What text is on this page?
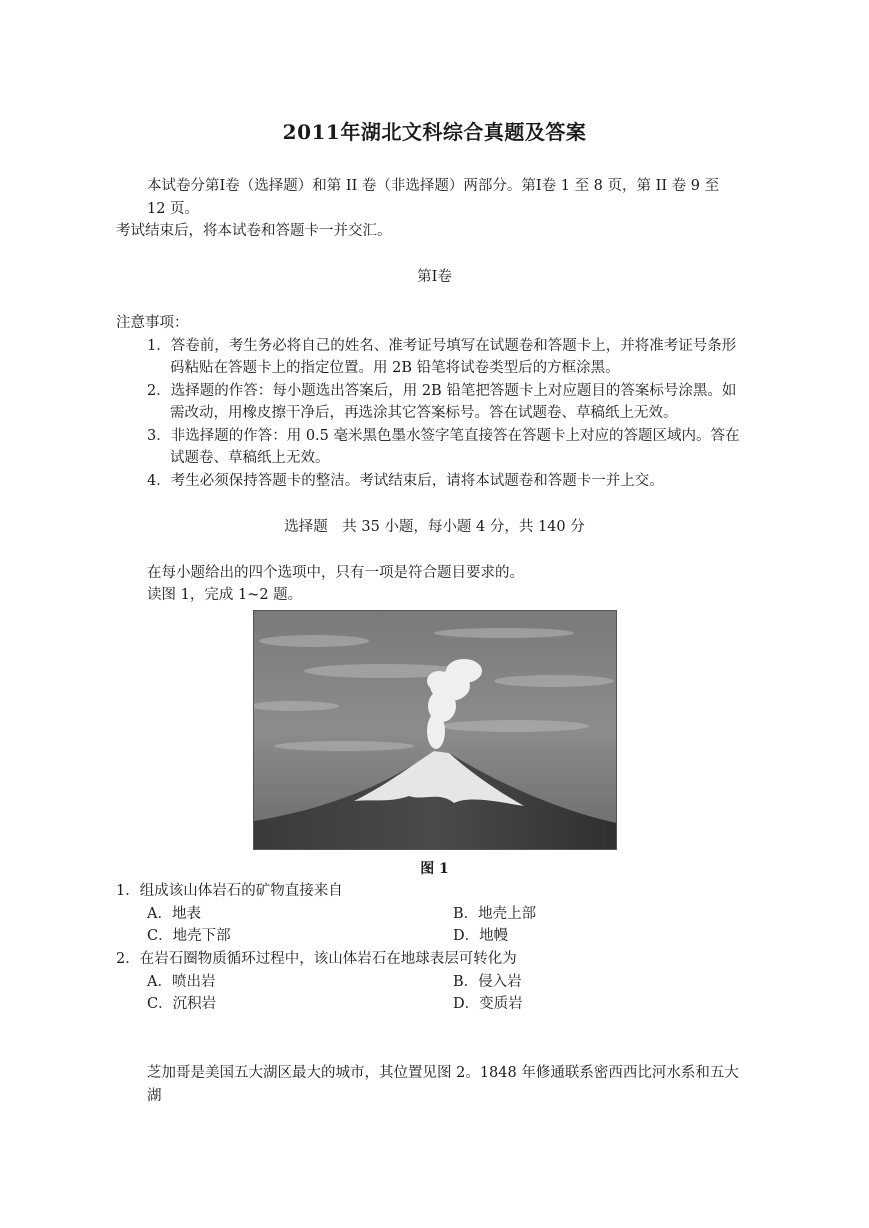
2011年湖北文科综合真题及答案
本试卷分第Ⅰ卷（选择题）和第 II 卷（非选择题）两部分。第Ⅰ卷 1 至 8 页，第 II 卷 9 至
12 页。
考试结束后，将本试卷和答题卡一并交汇。
第Ⅰ卷
注意事项：
1．答卷前，考生务必将自己的姓名、准考证号填写在试题卷和答题卡上，并将准考证号条形
码粘贴在答题卡上的指定位置。用 2B 铅笔将试卷类型后的方框涂黑。
2．选择题的作答：每小题选出答案后，用 2B 铅笔把答题卡上对应题目的答案标号涂黑。如
需改动，用橡皮擦干净后，再选涂其它答案标号。答在试题卷、草稿纸上无效。
3．非选择题的作答：用 0.5 毫米黑色墨水签字笔直接答在答题卡上对应的答题区域内。答在
试题卷、草稿纸上无效。
4．考生必须保持答题卡的整洁。考试结束后，请将本试题卷和答题卡一并上交。
选择题　共 35 小题，每小题 4 分，共 140 分
在每小题给出的四个选项中，只有一项是符合题目要求的。
读图 1，完成 1~2 题。
图 1
1．组成该山体岩石的矿物直接来自
A．地表	B．地壳上部
C．地壳下部	D．地幔
2．在岩石圈物质循环过程中，该山体岩石在地球表层可转化为
A．喷出岩	B．侵入岩
C．沉积岩	D．变质岩
芝加哥是美国五大湖区最大的城市，其位置见图 2。1848 年修通联系密西西比河水系和五大
湖
